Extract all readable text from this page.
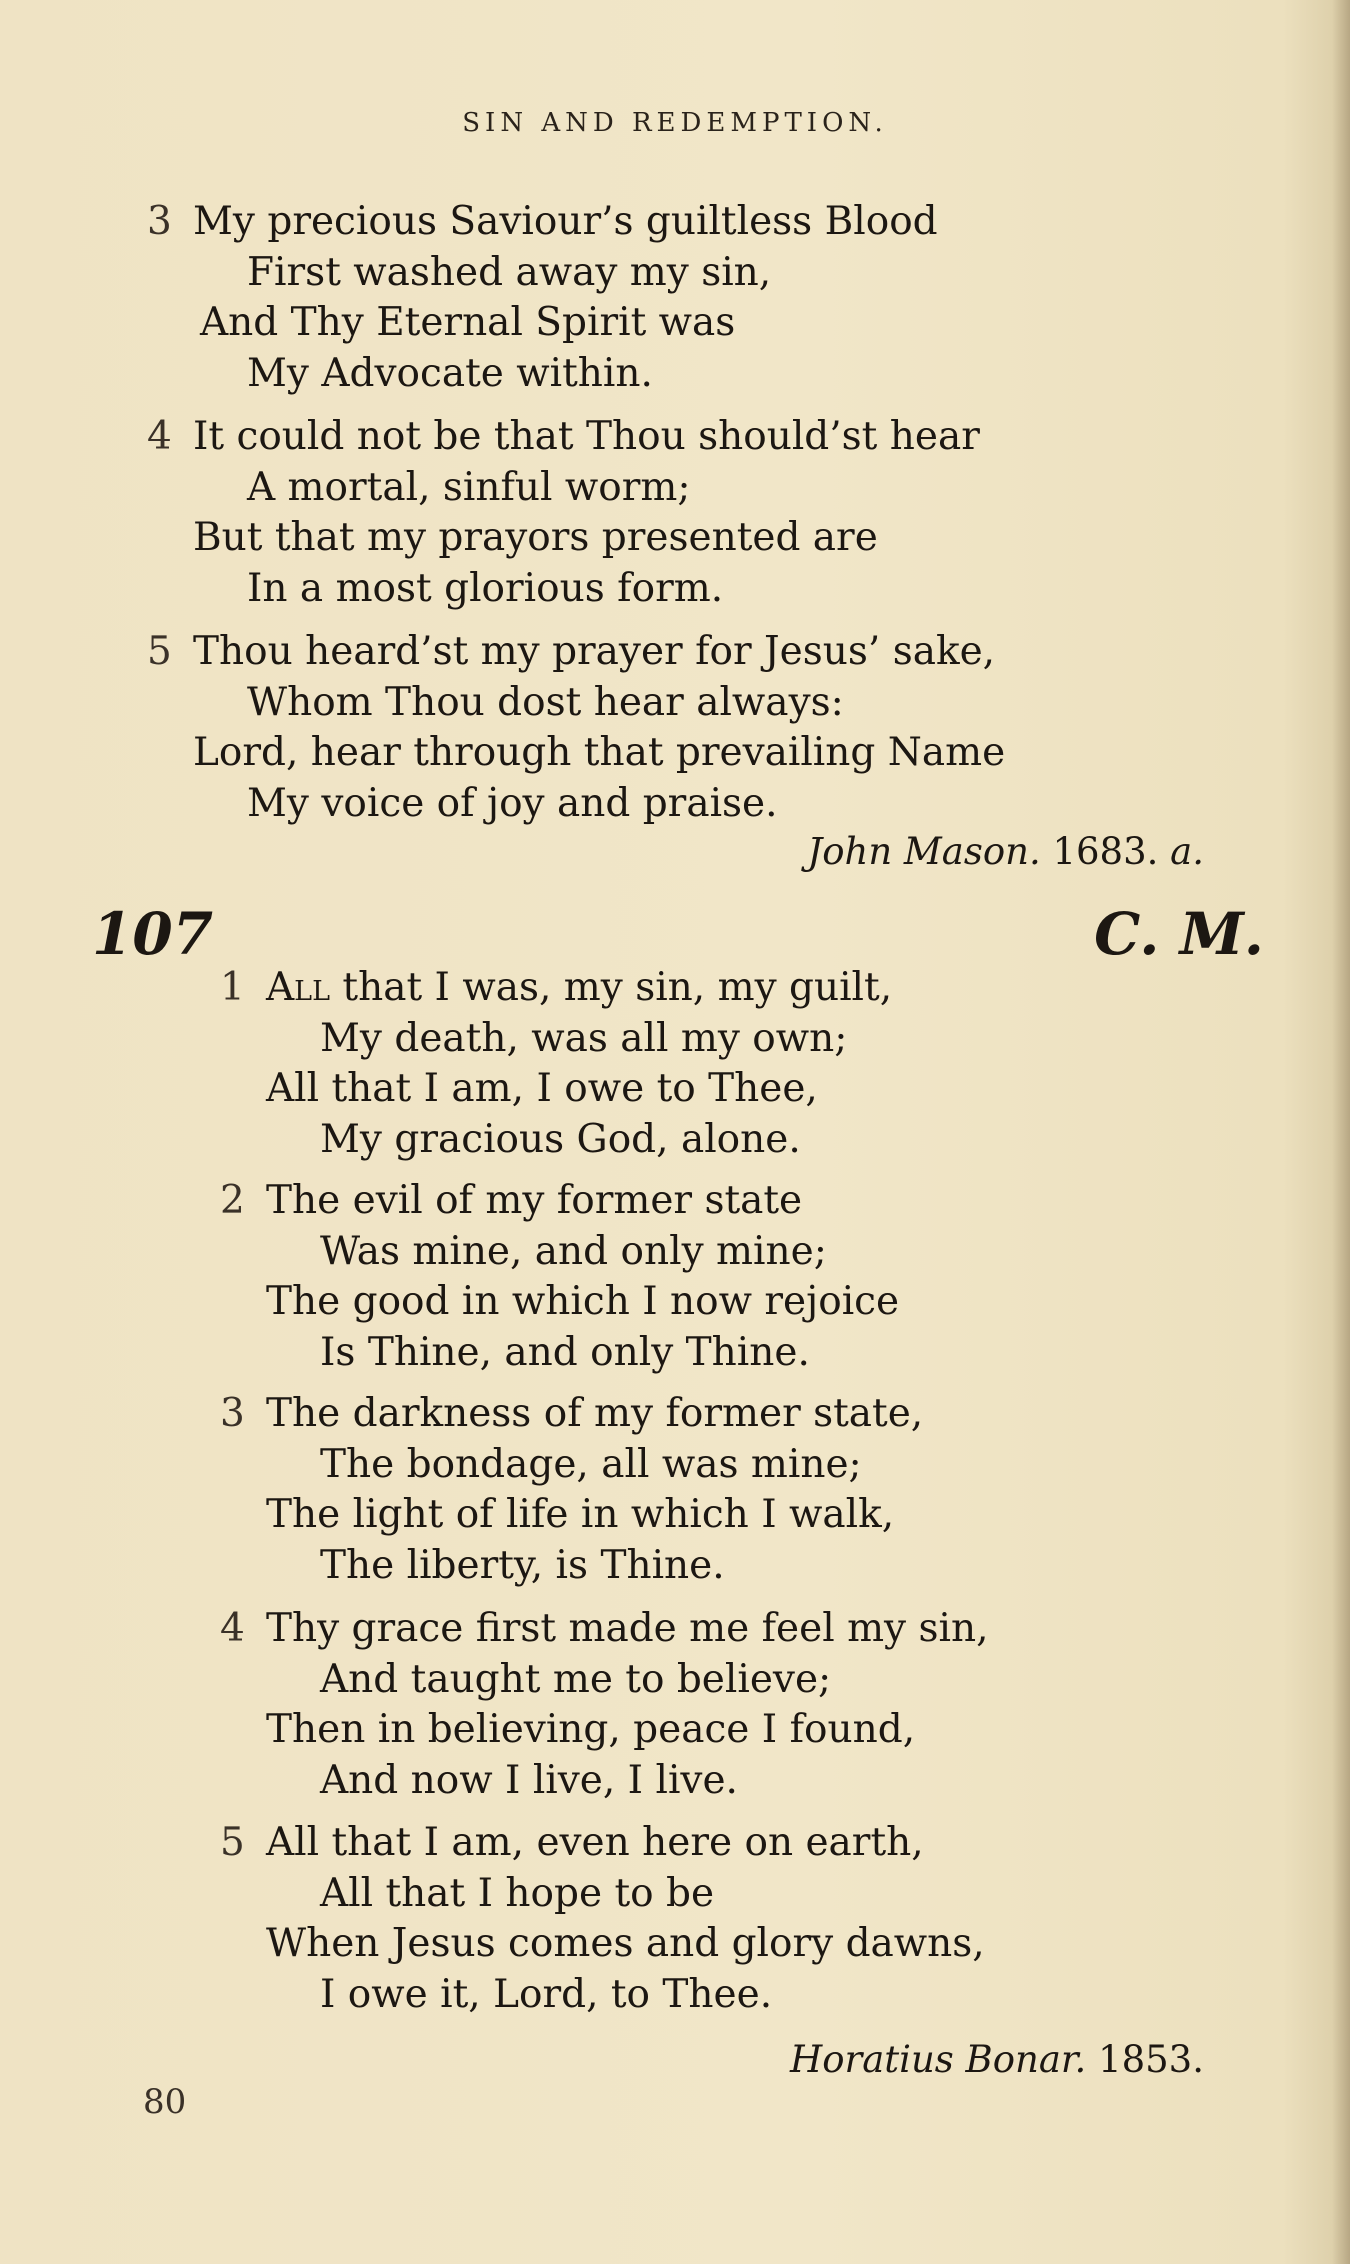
SIN AND REDEMPTION.
3 My precious Saviour’s guiltless Blood
First washed away my sin,
And Thy Eternal Spirit was
My Advocate within.
4 It could not be that Thou should’st hear
A mortal, sinful worm;
But that my prayors presented are
In a most glorious form.
5 Thou heard’st my prayer for Jesus’ sake,
Whom Thou dost hear always:
Lord, hear through that prevailing Name
My voice of joy and praise.
John Mason. 1683. a.
107	C. M.
1 All that I was, my sin, my guilt,
My death, was all my own;
All that I am, I owe to Thee,
My gracious God, alone.
2 The evil of my former state
Was mine, and only mine;
The good in which I now rejoice
Is Thine, and only Thine.
3 The darkness of my former state,
The bondage, all was mine;
The light of life in which I walk,
The liberty, is Thine.
4 Thy grace first made me feel my sin,
And taught me to believe;
Then in believing, peace I found,
And now I live, I live.
5 All that I am, even here on earth,
All that I hope to be
When Jesus comes and glory dawns,
I owe it, Lord, to Thee.
Horatius Bonar. 1853.
80
